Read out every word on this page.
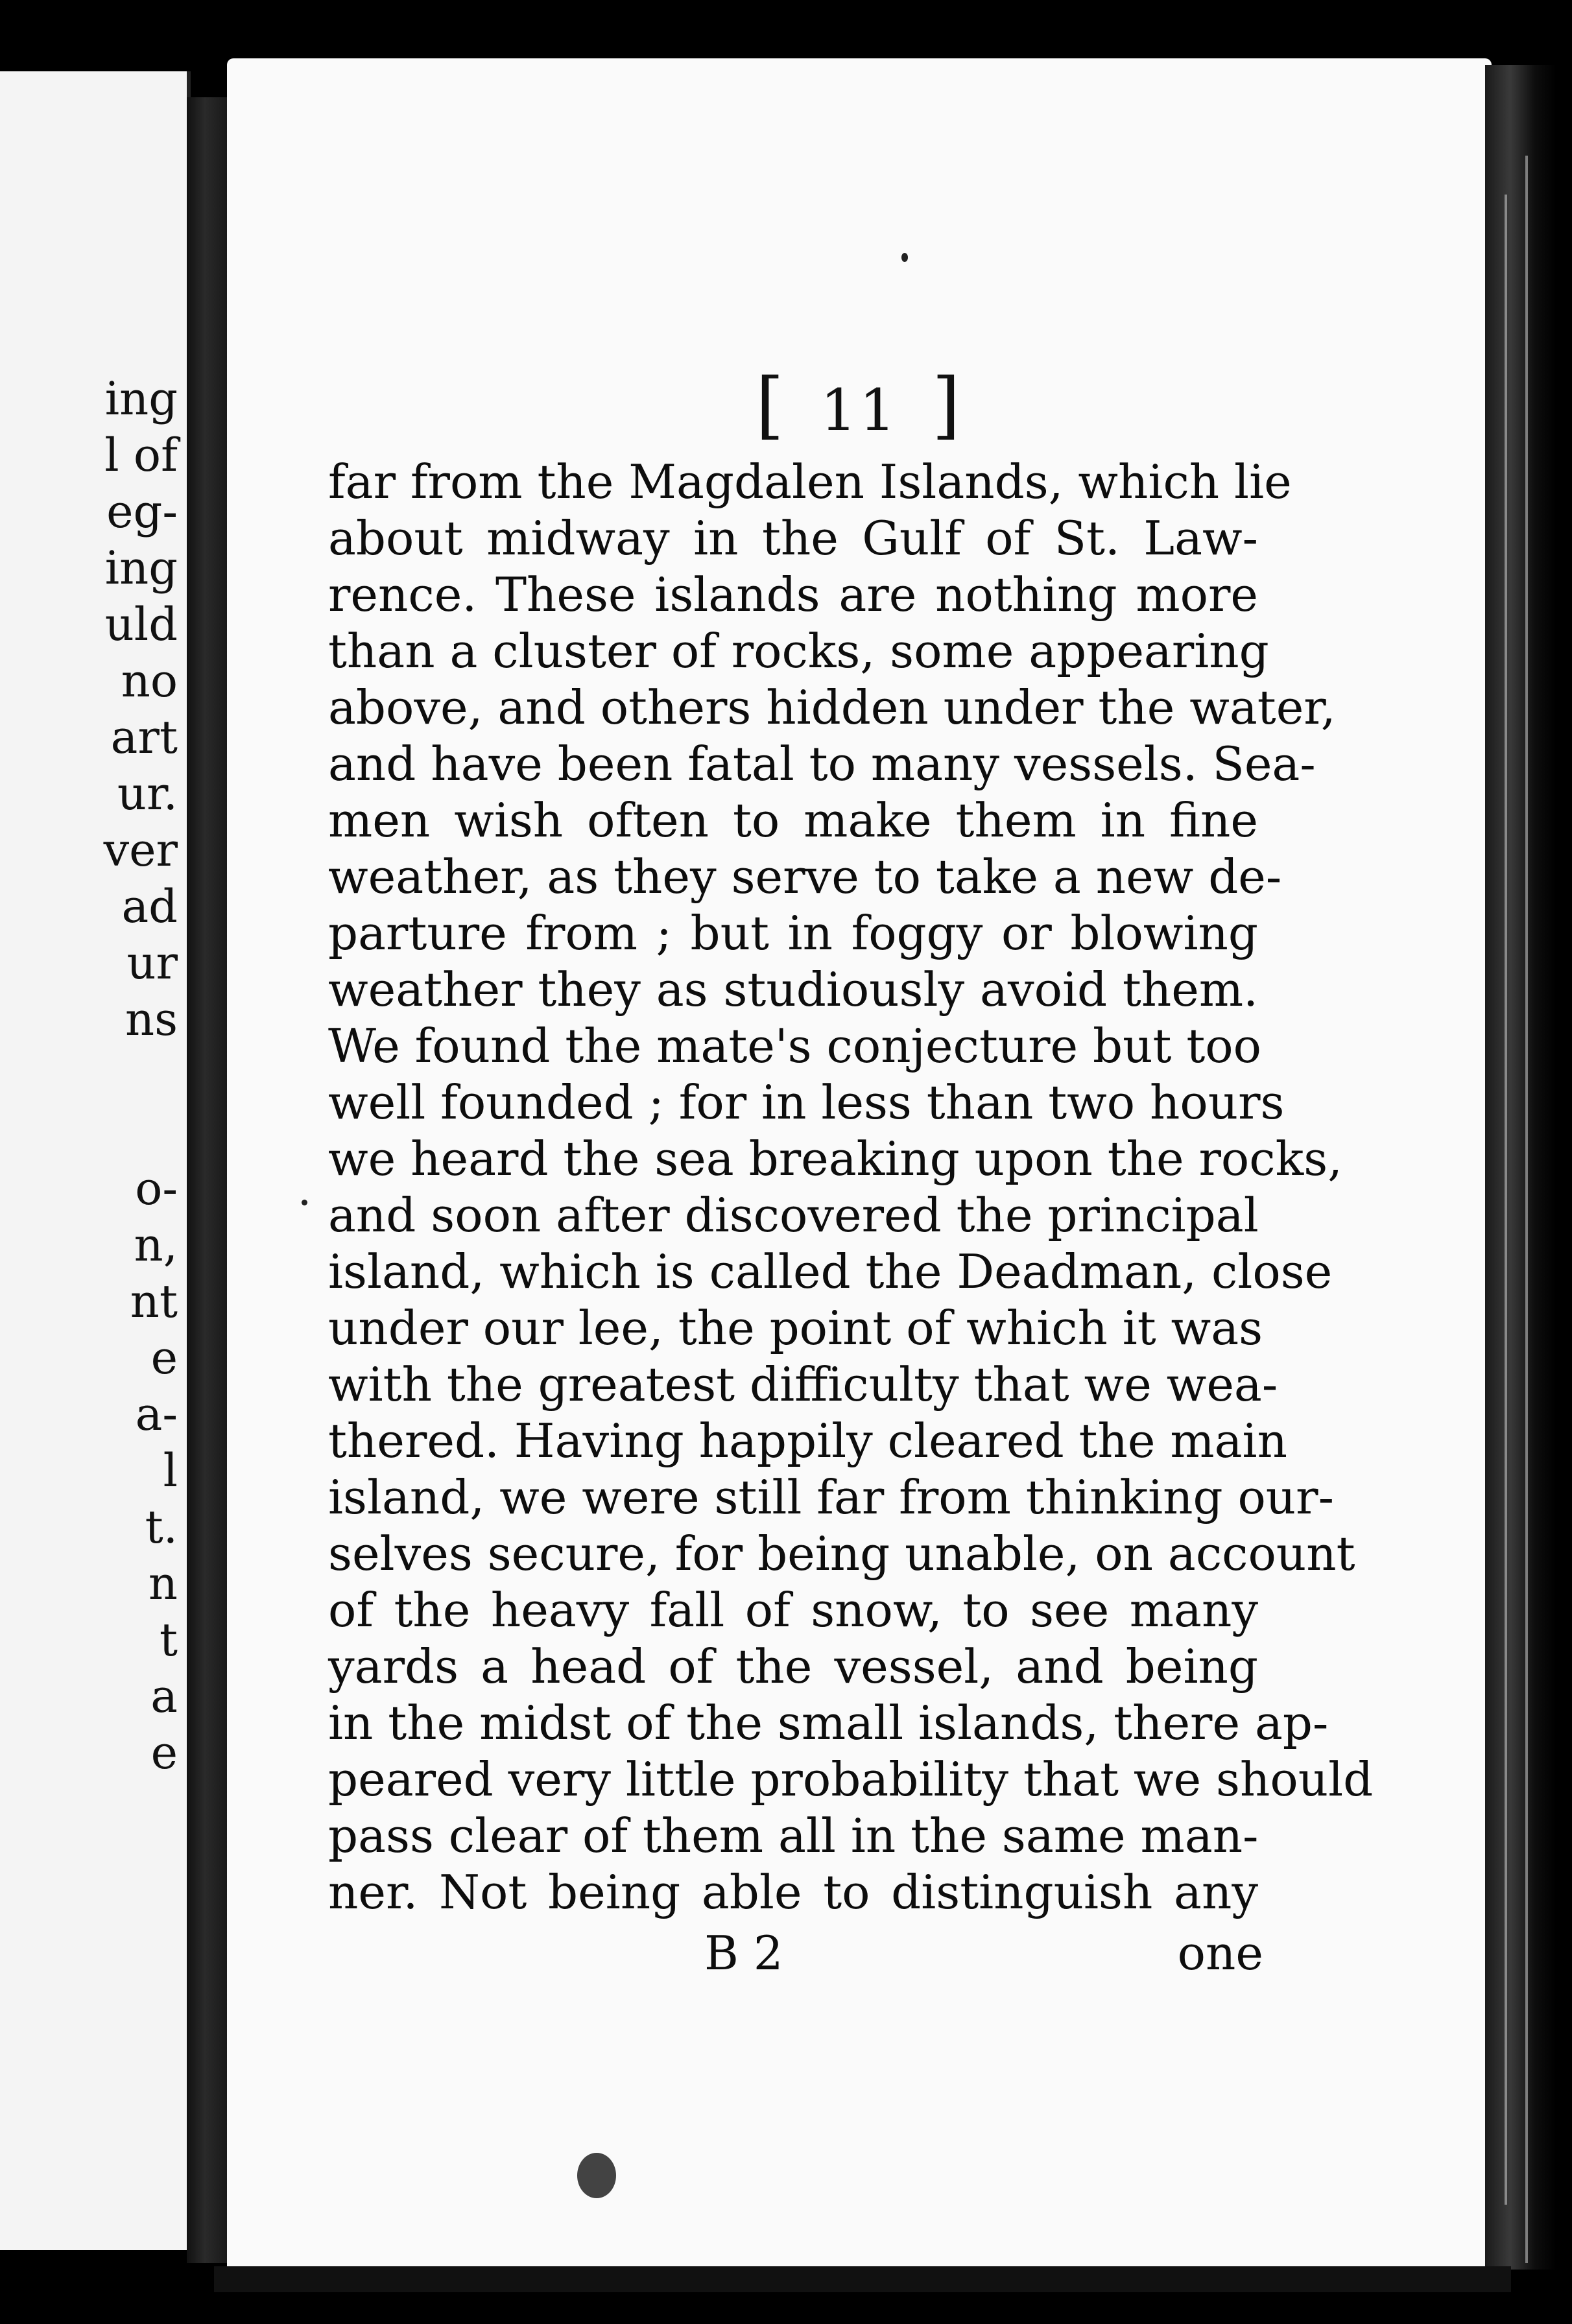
ing
l of
eg-
ing
uld
no
art
ur.
ver
ad
ur
ns
o-
n,
nt
e
a-
l
t.
n
t
a
e
[ 11 ]
far from the Magdalen Islands, which lie
about midway in the Gulf of St. Law-
rence. These islands are nothing more
than a cluster of rocks, some appearing
above, and others hidden under the water,
and have been fatal to many vessels. Sea-
men wish often to make them in fine
weather, as they serve to take a new de-
parture from ; but in foggy or blowing
weather they as studiously avoid them.
We found the mate's conjecture but too
well founded ; for in less than two hours
we heard the sea breaking upon the rocks,
and soon after discovered the principal
island, which is called the Deadman, close
under our lee, the point of which it was
with the greatest difficulty that we wea-
thered. Having happily cleared the main
island, we were still far from thinking our-
selves secure, for being unable, on account
of the heavy fall of snow, to see many
yards a head of the vessel, and being
in the midst of the small islands, there ap-
peared very little probability that we should
pass clear of them all in the same man-
ner. Not being able to distinguish any
B 2	one
